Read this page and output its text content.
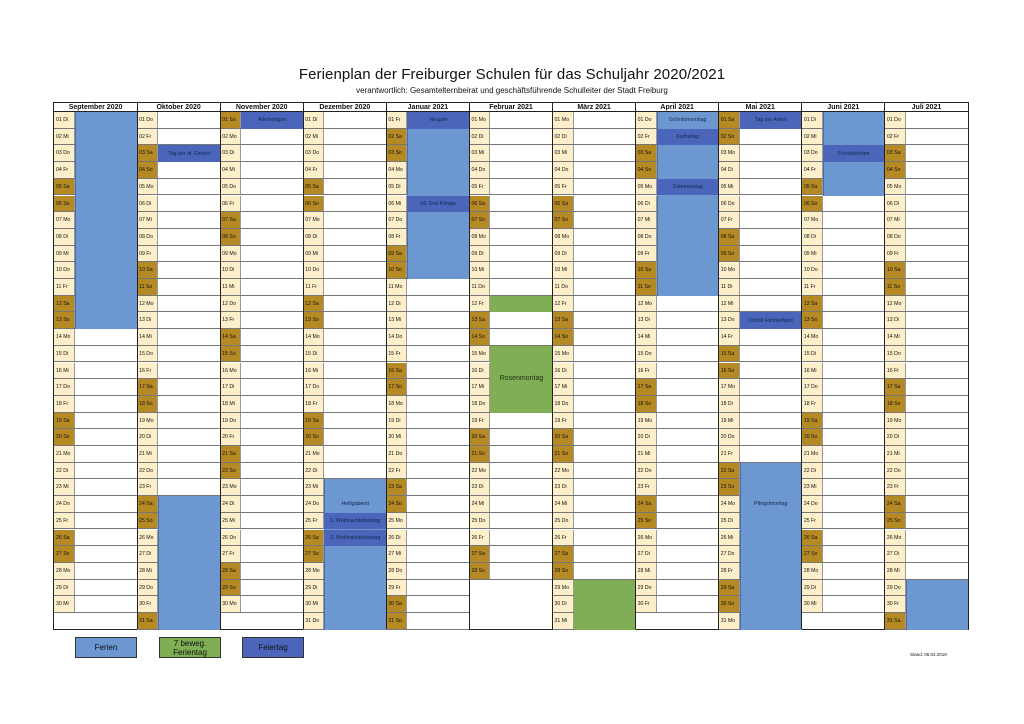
Ferienplan der Freiburger Schulen für das Schuljahr 2020/2021
verantwortlich: Gesamtelternbeirat und geschäftsführende Schulleiter der Stadt Freiburg
September 2020
01 Di
02 Mi
03 Do
04 Fr
05 Sa
06 So
07 Mo
08 Di
09 Mi
10 Do
11 Fr
12 Sa
13 So
14 Mo
15 Di
16 Mi
17 Do
18 Fr
19 Sa
20 So
21 Mo
22 Di
23 Mi
24 Do
25 Fr
26 Sa
27 So
28 Mo
29 Di
30 Mi
Oktober 2020
01 Do
02 Fr
03 Sa
04 So
05 Mo
06 Di
07 Mi
08 Do
09 Fr
10 Sa
11 So
12 Mo
13 Di
14 Mi
15 Do
16 Fr
17 Sa
18 So
19 Mo
20 Di
21 Mi
22 Do
23 Fr
24 Sa
25 So
26 Mo
27 Di
28 Mi
29 Do
30 Fr
31 Sa
Tag der dt. Einheit
November 2020
01 So
02 Mo
03 Di
04 Mi
05 Do
06 Fr
07 Sa
08 So
09 Mo
10 Di
11 Mi
12 Do
13 Fr
14 Sa
15 So
16 Mo
17 Di
18 Mi
19 Do
20 Fr
21 Sa
22 So
23 Mo
24 Di
25 Mi
26 Do
27 Fr
28 Sa
29 So
30 Mo
Allerheiligen
Dezember 2020
01 Di
02 Mi
03 Do
04 Fr
05 Sa
06 So
07 Mo
08 Di
09 Mi
10 Do
11 Fr
12 Sa
13 So
14 Mo
15 Di
16 Mi
17 Do
18 Fr
19 Sa
20 So
21 Mo
22 Di
23 Mi
24 Do
25 Fr
26 Sa
27 So
28 Mo
29 Di
30 Mi
31 Do
Heiligabend
1. Weihnachtsfeiertag
2. Weihnachtsfeiertag
Januar 2021
01 Fr
02 Sa
03 So
04 Mo
05 Di
06 Mi
07 Do
08 Fr
09 Sa
10 So
11 Mo
12 Di
13 Mi
14 Do
15 Fr
16 Sa
17 So
18 Mo
19 Di
20 Mi
21 Do
22 Fr
23 Sa
24 So
25 Mo
26 Di
27 Mi
28 Do
29 Fr
30 Sa
31 So
Neujahr
Hl. Drei Könige
Februar 2021
01 Mo
02 Di
03 Mi
04 Do
05 Fr
06 Sa
07 So
08 Mo
09 Di
10 Mi
11 Do
12 Fr
13 Sa
14 So
15 Mo
16 Di
17 Mi
18 Do
19 Fr
20 Sa
21 So
22 Mo
23 Di
24 Mi
25 Do
26 Fr
27 Sa
28 So
Rosenmontag
März 2021
01 Mo
02 Di
03 Mi
04 Do
05 Fr
06 Sa
07 So
08 Mo
09 Di
10 Mi
11 Do
12 Fr
13 Sa
14 So
15 Mo
16 Di
17 Mi
18 Do
19 Fr
20 Sa
21 So
22 Mo
23 Di
24 Mi
25 Do
26 Fr
27 Sa
28 So
29 Mo
30 Di
31 Mi
April 2021
01 Do
02 Fr
03 Sa
04 So
05 Mo
06 Di
07 Mi
08 Do
09 Fr
10 Sa
11 So
12 Mo
13 Di
14 Mi
15 Do
16 Fr
17 Sa
18 So
19 Mo
20 Di
21 Mi
22 Do
23 Fr
24 Sa
25 So
26 Mo
27 Di
28 Mi
29 Do
30 Fr
Gründonnerstag
Karfreitag
Ostermontag
Mai 2021
01 Sa
02 So
03 Mo
04 Di
05 Mi
06 Do
07 Fr
08 Sa
09 So
10 Mo
11 Di
12 Mi
13 Do
14 Fr
15 Sa
16 So
17 Mo
18 Di
19 Mi
20 Do
21 Fr
22 Sa
23 So
24 Mo
25 Di
26 Mi
27 Do
28 Fr
29 Sa
30 So
31 Mo
Tag der Arbeit
Christi Himmelfahrt
Pfingstmontag
Juni 2021
01 Di
02 Mi
03 Do
04 Fr
05 Sa
06 So
07 Mo
08 Di
09 Mi
10 Do
11 Fr
12 Sa
13 So
14 Mo
15 Di
16 Mi
17 Do
18 Fr
19 Sa
20 So
21 Mo
22 Di
23 Mi
24 Do
25 Fr
26 Sa
27 So
28 Mo
29 Di
30 Mi
Fronleichnam
Juli 2021
01 Do
02 Fr
03 Sa
04 So
05 Mo
06 Di
07 Mi
08 Do
09 Fr
10 Sa
11 So
12 Mo
13 Di
14 Mi
15 Do
16 Fr
17 Sa
18 So
19 Mo
20 Di
21 Mi
22 Do
23 Fr
24 Sa
25 So
26 Mo
27 Di
28 Mi
29 Do
30 Fr
31 Sa
Ferien	7 beweg. Ferientag	Feiertag
Stand: 06.04.2019
